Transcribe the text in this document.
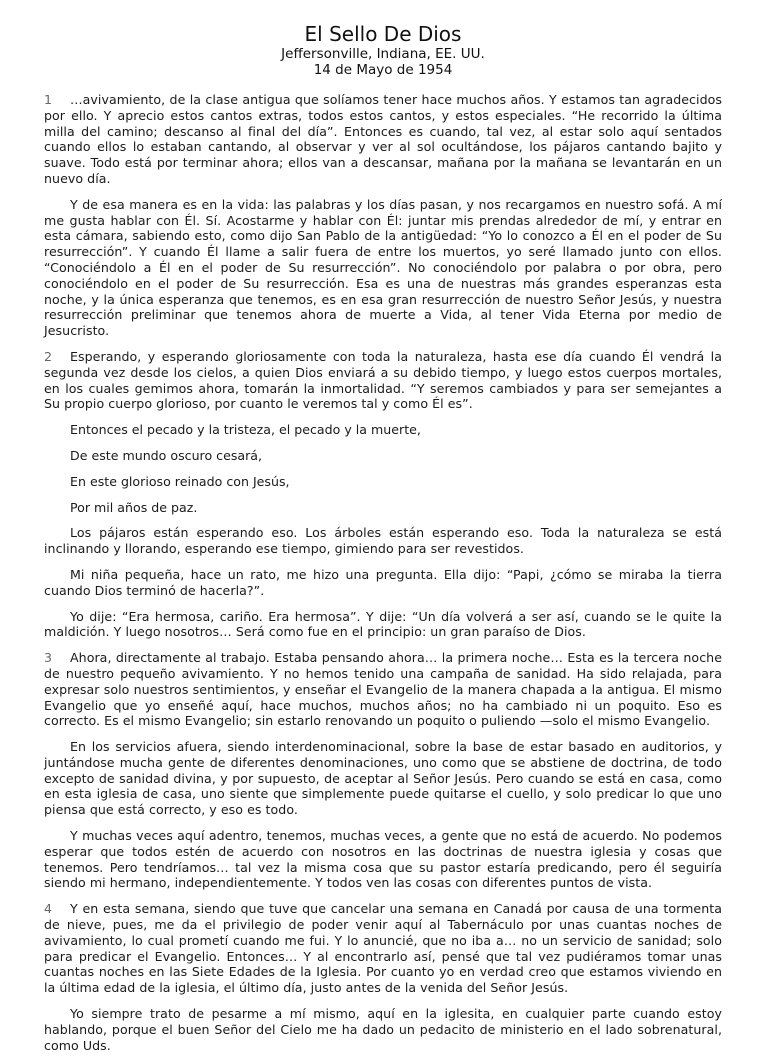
El Sello De Dios

Jeffersonville, Indiana, EE. UU.

14 de Mayo de 1954

1 …avivamiento, de la clase antigua que solíamos tener hace muchos años. Y estamos tan agradecidos por ello. Y aprecio estos cantos extras, todos estos cantos, y estos especiales. “He recorrido la última milla del camino; descanso al final del día”. Entonces es cuando, tal vez, al estar solo aquí sentados cuando ellos lo estaban cantando, al observar y ver al sol ocultándose, los pájaros cantando bajito y suave. Todo está por terminar ahora; ellos van a descansar, mañana por la mañana se levantarán en un nuevo día.

Y de esa manera es en la vida: las palabras y los días pasan, y nos recargamos en nuestro sofá. A mí me gusta hablar con Él. Sí. Acostarme y hablar con Él: juntar mis prendas alrededor de mí, y entrar en esta cámara, sabiendo esto, como dijo San Pablo de la antigüedad: “Yo lo conozco a Él en el poder de Su resurrección”. Y cuando Él llame a salir fuera de entre los muertos, yo seré llamado junto con ellos. “Conociéndolo a Él en el poder de Su resurrección”. No conociéndolo por palabra o por obra, pero conociéndolo en el poder de Su resurrección. Esa es una de nuestras más grandes esperanzas esta noche, y la única esperanza que tenemos, es en esa gran resurrección de nuestro Señor Jesús, y nuestra resurrección preliminar que tenemos ahora de muerte a Vida, al tener Vida Eterna por medio de Jesucristo.

2 Esperando, y esperando gloriosamente con toda la naturaleza, hasta ese día cuando Él vendrá la segunda vez desde los cielos, a quien Dios enviará a su debido tiempo, y luego estos cuerpos mortales, en los cuales gemimos ahora, tomarán la inmortalidad. “Y seremos cambiados y para ser semejantes a Su propio cuerpo glorioso, por cuanto le veremos tal y como Él es”.

Entonces el pecado y la tristeza, el pecado y la muerte,

De este mundo oscuro cesará,

En este glorioso reinado con Jesús,

Por mil años de paz.

Los pájaros están esperando eso. Los árboles están esperando eso. Toda la naturaleza se está inclinando y llorando, esperando ese tiempo, gimiendo para ser revestidos.

Mi niña pequeña, hace un rato, me hizo una pregunta. Ella dijo: “Papi, ¿cómo se miraba la tierra cuando Dios terminó de hacerla?”.

Yo dije: “Era hermosa, cariño. Era hermosa”. Y dije: “Un día volverá a ser así, cuando se le quite la maldición. Y luego nosotros… Será como fue en el principio: un gran paraíso de Dios.

3 Ahora, directamente al trabajo. Estaba pensando ahora… la primera noche… Esta es la tercera noche de nuestro pequeño avivamiento. Y no hemos tenido una campaña de sanidad. Ha sido relajada, para expresar solo nuestros sentimientos, y enseñar el Evangelio de la manera chapada a la antigua. El mismo Evangelio que yo enseñé aquí, hace muchos, muchos años; no ha cambiado ni un poquito. Eso es correcto. Es el mismo Evangelio; sin estarlo renovando un poquito o puliendo —solo el mismo Evangelio.

En los servicios afuera, siendo interdenominacional, sobre la base de estar basado en auditorios, y juntándose mucha gente de diferentes denominaciones, uno como que se abstiene de doctrina, de todo excepto de sanidad divina, y por supuesto, de aceptar al Señor Jesús. Pero cuando se está en casa, como en esta iglesia de casa, uno siente que simplemente puede quitarse el cuello, y solo predicar lo que uno piensa que está correcto, y eso es todo.

Y muchas veces aquí adentro, tenemos, muchas veces, a gente que no está de acuerdo. No podemos esperar que todos estén de acuerdo con nosotros en las doctrinas de nuestra iglesia y cosas que tenemos. Pero tendríamos… tal vez la misma cosa que su pastor estaría predicando, pero él seguiría siendo mi hermano, independientemente. Y todos ven las cosas con diferentes puntos de vista.

4 Y en esta semana, siendo que tuve que cancelar una semana en Canadá por causa de una tormenta de nieve, pues, me da el privilegio de poder venir aquí al Tabernáculo por unas cuantas noches de avivamiento, lo cual prometí cuando me fui. Y lo anuncié, que no iba a… no un servicio de sanidad; solo para predicar el Evangelio. Entonces… Y al encontrarlo así, pensé que tal vez pudiéramos tomar unas cuantas noches en las Siete Edades de la Iglesia. Por cuanto yo en verdad creo que estamos viviendo en la última edad de la iglesia, el último día, justo antes de la venida del Señor Jesús.

Yo siempre trato de pesarme a mí mismo, aquí en la iglesita, en cualquier parte cuando estoy hablando, porque el buen Señor del Cielo me ha dado un pedacito de ministerio en el lado sobrenatural, como Uds.
